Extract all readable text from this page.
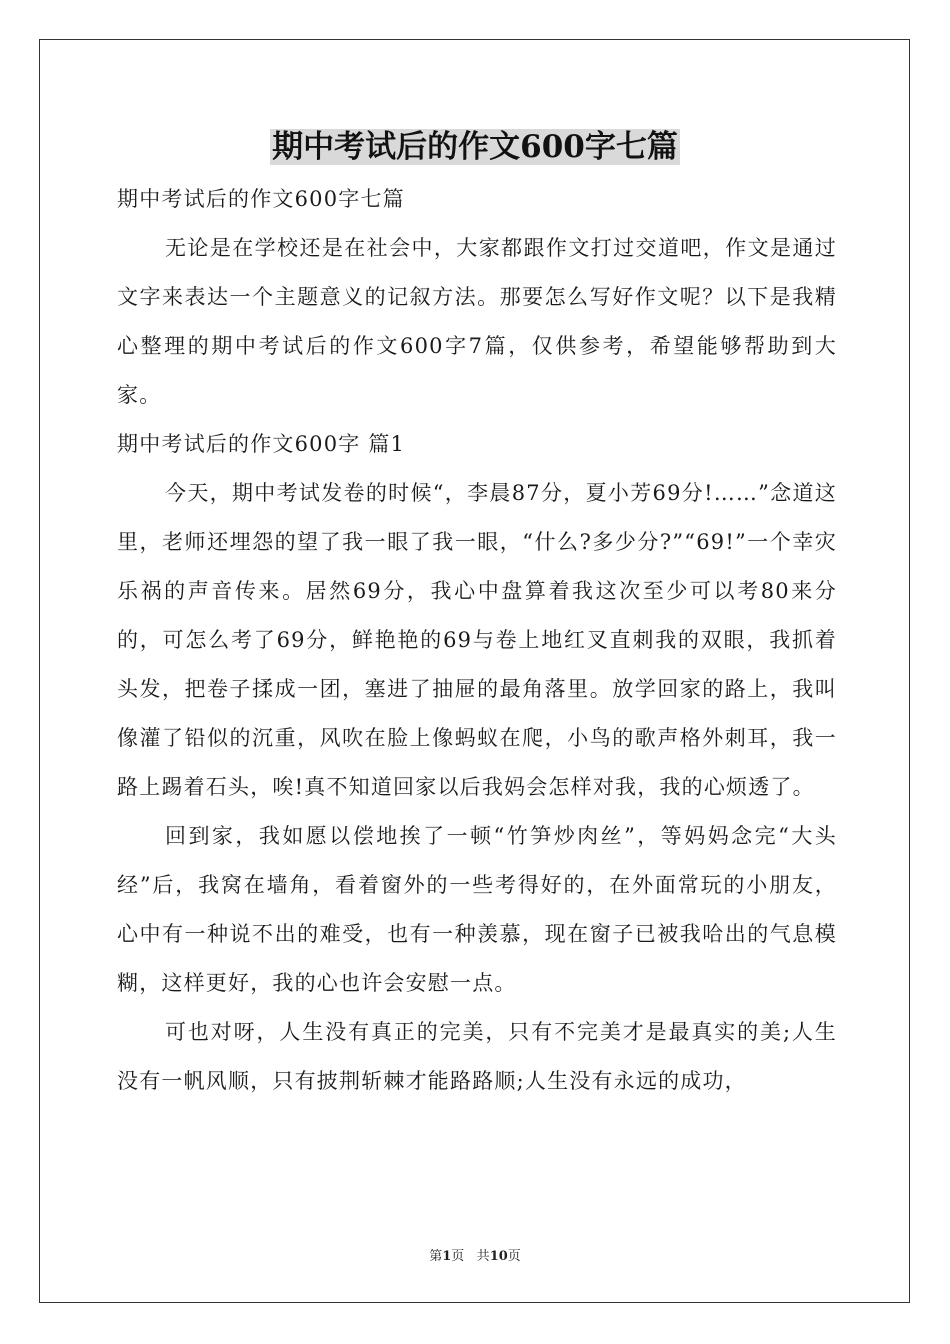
期中考试后的作文600字七篇

期中考试后的作文600字七篇

无论是在学校还是在社会中，大家都跟作文打过交道吧，作文是通过文字来表达一个主题意义的记叙方法。那要怎么写好作文呢？以下是我精心整理的期中考试后的作文600字7篇，仅供参考，希望能够帮助到大家。

期中考试后的作文600字 篇1

今天，期中考试发卷的时候“，李晨87分，夏小芳69分!……”念道这里，老师还埋怨的望了我一眼了我一眼，“什么?多少分?”“69!”一个幸灾乐祸的声音传来。居然69分，我心中盘算着我这次至少可以考80来分的，可怎么考了69分，鲜艳艳的69与卷上地红叉直刺我的双眼，我抓着头发，把卷子揉成一团，塞进了抽屉的最角落里。放学回家的路上，我叫像灌了铅似的沉重，风吹在脸上像蚂蚁在爬，小鸟的歌声格外刺耳，我一路上踢着石头，唉!真不知道回家以后我妈会怎样对我，我的心烦透了。

回到家，我如愿以偿地挨了一顿“竹笋炒肉丝”，等妈妈念完“大头经”后，我窝在墙角，看着窗外的一些考得好的，在外面常玩的小朋友，心中有一种说不出的难受，也有一种羡慕，现在窗子已被我哈出的气息模糊，这样更好，我的心也许会安慰一点。

可也对呀，人生没有真正的完美，只有不完美才是最真实的美;人生没有一帆风顺，只有披荆斩棘才能路路顺;人生没有永远的成功，

第1页 共10页
